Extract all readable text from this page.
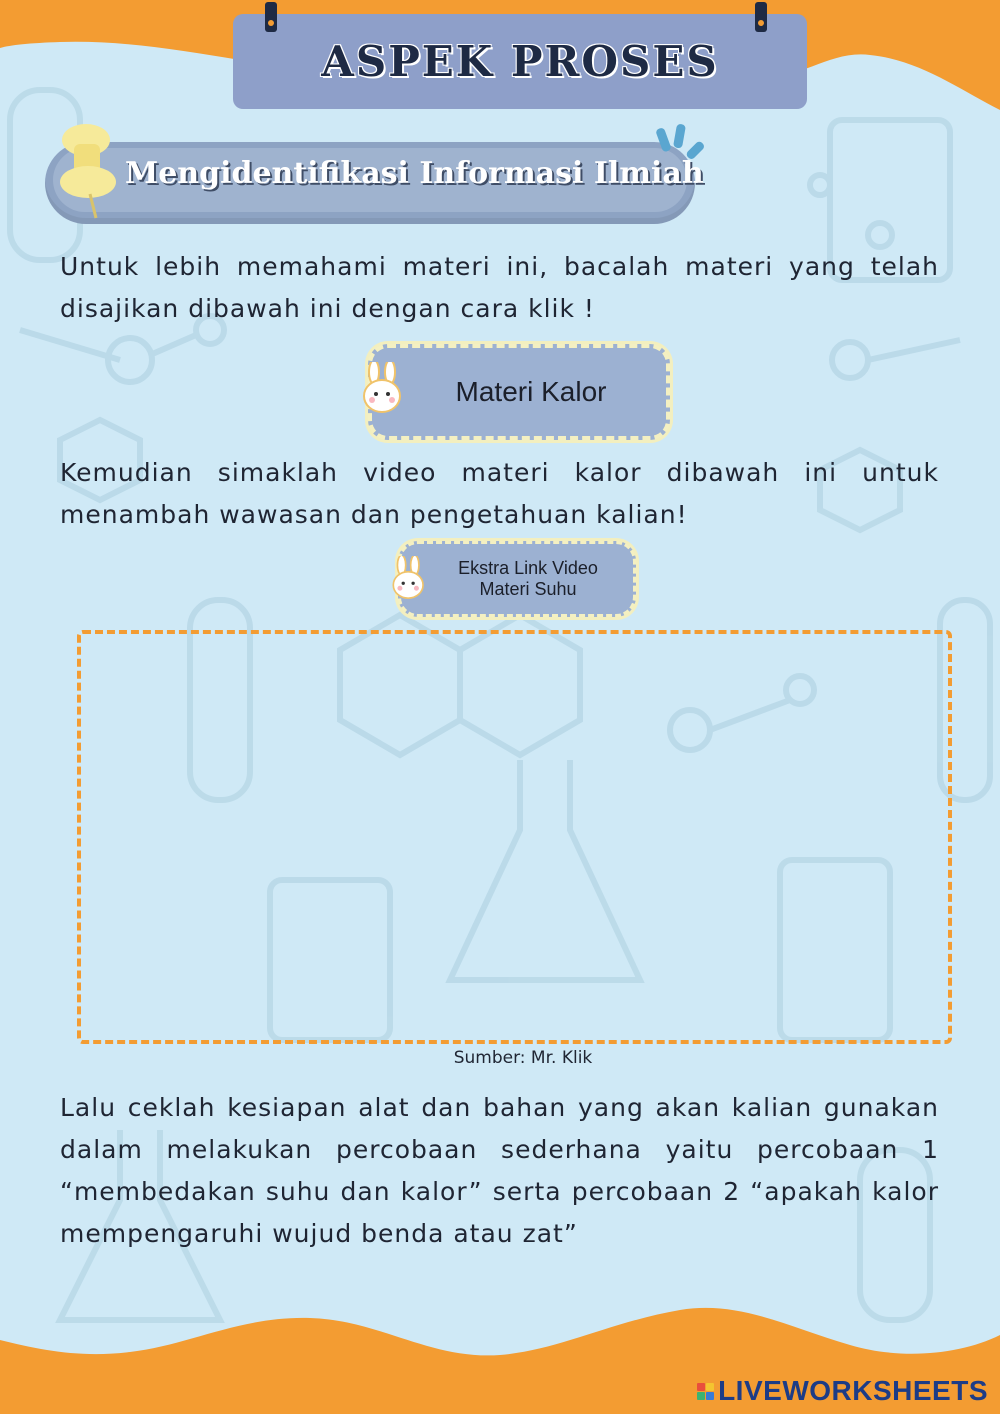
ASPEK PROSES
Mengidentifikasi Informasi Ilmiah
Untuk lebih memahami materi ini, bacalah materi yang telah disajikan dibawah ini dengan cara klik !
Materi Kalor
Kemudian simaklah video materi kalor dibawah ini untuk menambah wawasan dan pengetahuan kalian!
Ekstra Link Video
Materi Suhu
Sumber: Mr. Klik
Lalu ceklah kesiapan alat dan bahan yang akan kalian gunakan dalam melakukan percobaan sederhana yaitu percobaan 1 “membedakan suhu dan kalor” serta percobaan 2 “apakah kalor mempengaruhi wujud benda atau zat”
LIVEWORKSHEETS
